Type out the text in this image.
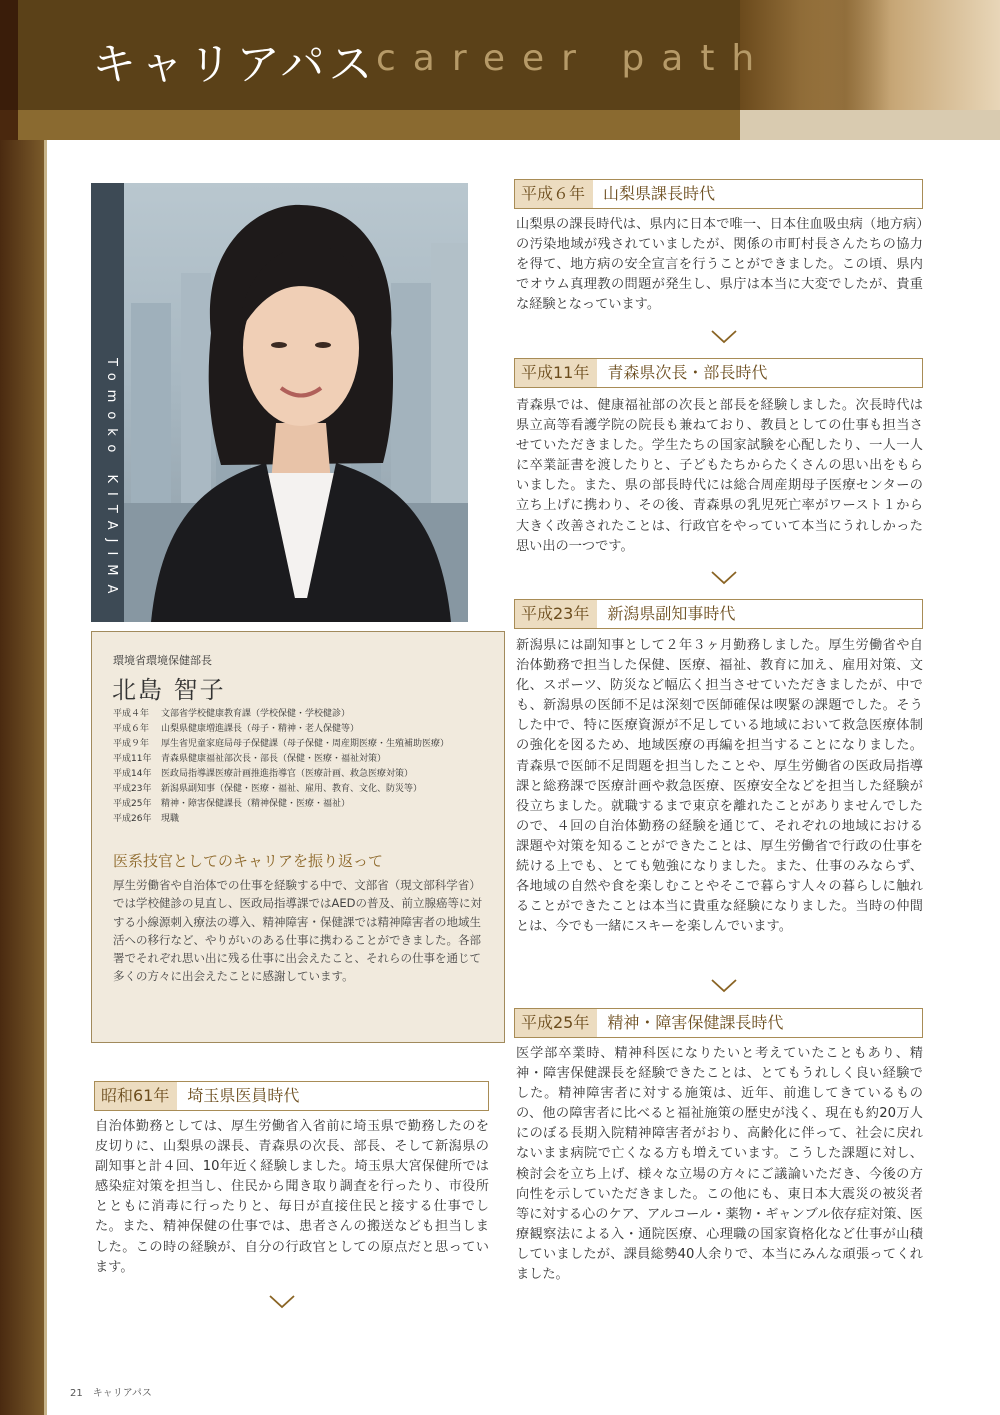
キャリアパス career path
Tomoko KITAJIMA
環境省環境保健部長
北島 智子
平成４年	文部省学校健康教育課（学校保健・学校健診）
平成６年	山梨県健康増進課長（母子・精神・老人保健等）
平成９年	厚生省児童家庭局母子保健課（母子保健・周産期医療・生殖補助医療）
平成11年	青森県健康福祉部次長・部長（保健・医療・福祉対策）
平成14年	医政局指導課医療計画推進指導官（医療計画、救急医療対策）
平成23年	新潟県副知事（保健・医療・福祉、雇用、教育、文化、防災等）
平成25年	精神・障害保健課長（精神保健・医療・福祉）
平成26年	現職
医系技官としてのキャリアを振り返って
厚生労働省や自治体での仕事を経験する中で、文部省（現文部科学省）では学校健診の見直し、医政局指導課ではAEDの普及、前立腺癌等に対する小線源刺入療法の導入、精神障害・保健課では精神障害者の地域生活への移行など、やりがいのある仕事に携わることができました。各部署でそれぞれ思い出に残る仕事に出会えたこと、それらの仕事を通じて多くの方々に出会えたことに感謝しています。
昭和61年	埼玉県医員時代
自治体勤務としては、厚生労働省入省前に埼玉県で勤務したのを皮切りに、山梨県の課長、青森県の次長、部長、そして新潟県の副知事と計４回、10年近く経験しました。埼玉県大宮保健所では感染症対策を担当し、住民から聞き取り調査を行ったり、市役所とともに消毒に行ったりと、毎日が直接住民と接する仕事でした。また、精神保健の仕事では、患者さんの搬送なども担当しました。この時の経験が、自分の行政官としての原点だと思っています。
平成６年	山梨県課長時代
山梨県の課長時代は、県内に日本で唯一、日本住血吸虫病（地方病）の汚染地域が残されていましたが、関係の市町村長さんたちの協力を得て、地方病の安全宣言を行うことができました。この頃、県内でオウム真理教の問題が発生し、県庁は本当に大変でしたが、貴重な経験となっています。
平成11年	青森県次長・部長時代
青森県では、健康福祉部の次長と部長を経験しました。次長時代は県立高等看護学院の院長も兼ねており、教員としての仕事も担当させていただきました。学生たちの国家試験を心配したり、一人一人に卒業証書を渡したりと、子どもたちからたくさんの思い出をもらいました。また、県の部長時代には総合周産期母子医療センターの立ち上げに携わり、その後、青森県の乳児死亡率がワースト１から大きく改善されたことは、行政官をやっていて本当にうれしかった思い出の一つです。
平成23年	新潟県副知事時代
新潟県には副知事として２年３ヶ月勤務しました。厚生労働省や自治体勤務で担当した保健、医療、福祉、教育に加え、雇用対策、文化、スポーツ、防災など幅広く担当させていただきましたが、中でも、新潟県の医師不足は深刻で医師確保は喫緊の課題でした。そうした中で、特に医療資源が不足している地域において救急医療体制の強化を図るため、地域医療の再編を担当することになりました。青森県で医師不足問題を担当したことや、厚生労働省の医政局指導課と総務課で医療計画や救急医療、医療安全などを担当した経験が役立ちました。就職するまで東京を離れたことがありませんでしたので、４回の自治体勤務の経験を通じて、それぞれの地域における課題や対策を知ることができたことは、厚生労働省で行政の仕事を続ける上でも、とても勉強になりました。また、仕事のみならず、各地域の自然や食を楽しむことやそこで暮らす人々の暮らしに触れることができたことは本当に貴重な経験になりました。当時の仲間とは、今でも一緒にスキーを楽しんでいます。
平成25年	精神・障害保健課長時代
医学部卒業時、精神科医になりたいと考えていたこともあり、精神・障害保健課長を経験できたことは、とてもうれしく良い経験でした。精神障害者に対する施策は、近年、前進してきているものの、他の障害者に比べると福祉施策の歴史が浅く、現在も約20万人にのぼる長期入院精神障害者がおり、高齢化に伴って、社会に戻れないまま病院で亡くなる方も増えています。こうした課題に対し、検討会を立ち上げ、様々な立場の方々にご議論いただき、今後の方向性を示していただきました。この他にも、東日本大震災の被災者等に対する心のケア、アルコール・薬物・ギャンブル依存症対策、医療観察法による入・通院医療、心理職の国家資格化など仕事が山積していましたが、課員総勢40人余りで、本当にみんな頑張ってくれました。
21 キャリアパス
